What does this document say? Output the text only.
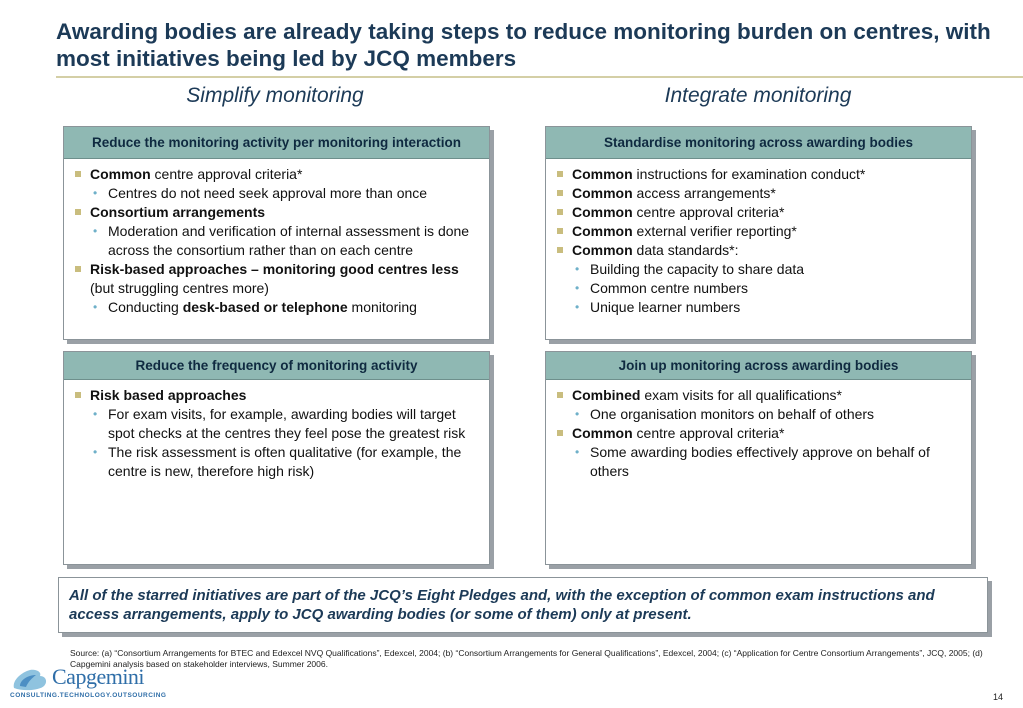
Awarding bodies are already taking steps to reduce monitoring burden on centres, with most initiatives being led by JCQ members
Simplify monitoring	Integrate monitoring
Reduce the monitoring activity per monitoring interaction
Common centre approval criteria*
• Centres do not need seek approval more than once
Consortium arrangements
• Moderation and verification of internal assessment is done across the consortium rather than on each centre
Risk-based approaches – monitoring good centres less (but struggling centres more)
• Conducting desk-based or telephone monitoring
Standardise monitoring across awarding bodies
Common instructions for examination conduct*
Common access arrangements*
Common centre approval criteria*
Common external verifier reporting*
Common data standards*:
• Building the capacity to share data
• Common centre numbers
• Unique learner numbers
Reduce the frequency of monitoring activity
Risk based approaches
• For exam visits, for example, awarding bodies will target spot checks at the centres they feel pose the greatest risk
• The risk assessment is often qualitative (for example, the centre is new, therefore high risk)
Join up monitoring across awarding bodies
Combined exam visits for all qualifications*
• One organisation monitors on behalf of others
Common centre approval criteria*
• Some awarding bodies effectively approve on behalf of others
All of the starred initiatives are part of the JCQ’s Eight Pledges and, with the exception of common exam instructions and access arrangements, apply to JCQ awarding bodies (or some of them) only at present.
Source: (a) “Consortium Arrangements for BTEC and Edexcel NVQ Qualifications”, Edexcel, 2004; (b) “Consortium Arrangements for General Qualifications”, Edexcel, 2004; (c) “Application for Centre Consortium Arrangements”, JCQ, 2005; (d) Capgemini analysis based on stakeholder interviews, Summer 2006.
Capgemini
CONSULTING.TECHNOLOGY.OUTSOURCING	14
